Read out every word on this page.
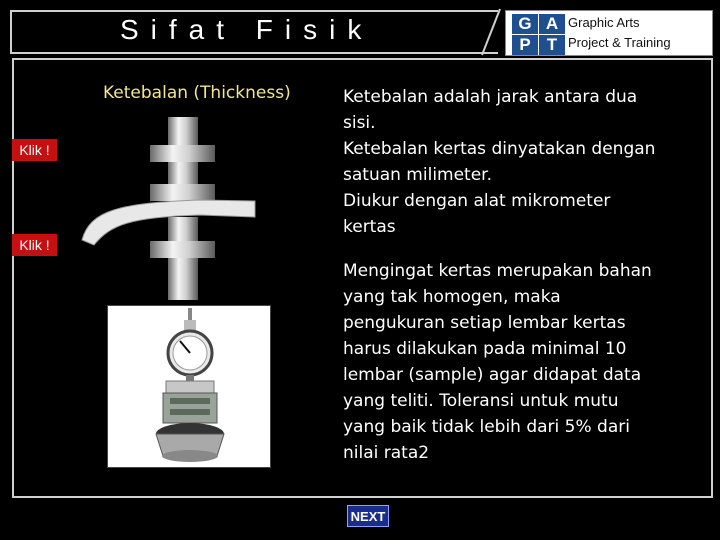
Sifat Fisik	G A
P T
Graphic Arts
Project & Training
Ketebalan (Thickness)
Klik !
Klik !
Ketebalan adalah jarak antara dua
sisi.
Ketebalan kertas dinyatakan dengan
satuan milimeter.
Diukur dengan alat mikrometer
kertas
Mengingat kertas merupakan bahan
yang tak homogen, maka
pengukuran setiap lembar kertas
harus dilakukan pada minimal 10
lembar (sample) agar didapat data
yang teliti. Toleransi untuk mutu
yang baik tidak lebih dari 5% dari
nilai rata2
NEXT
